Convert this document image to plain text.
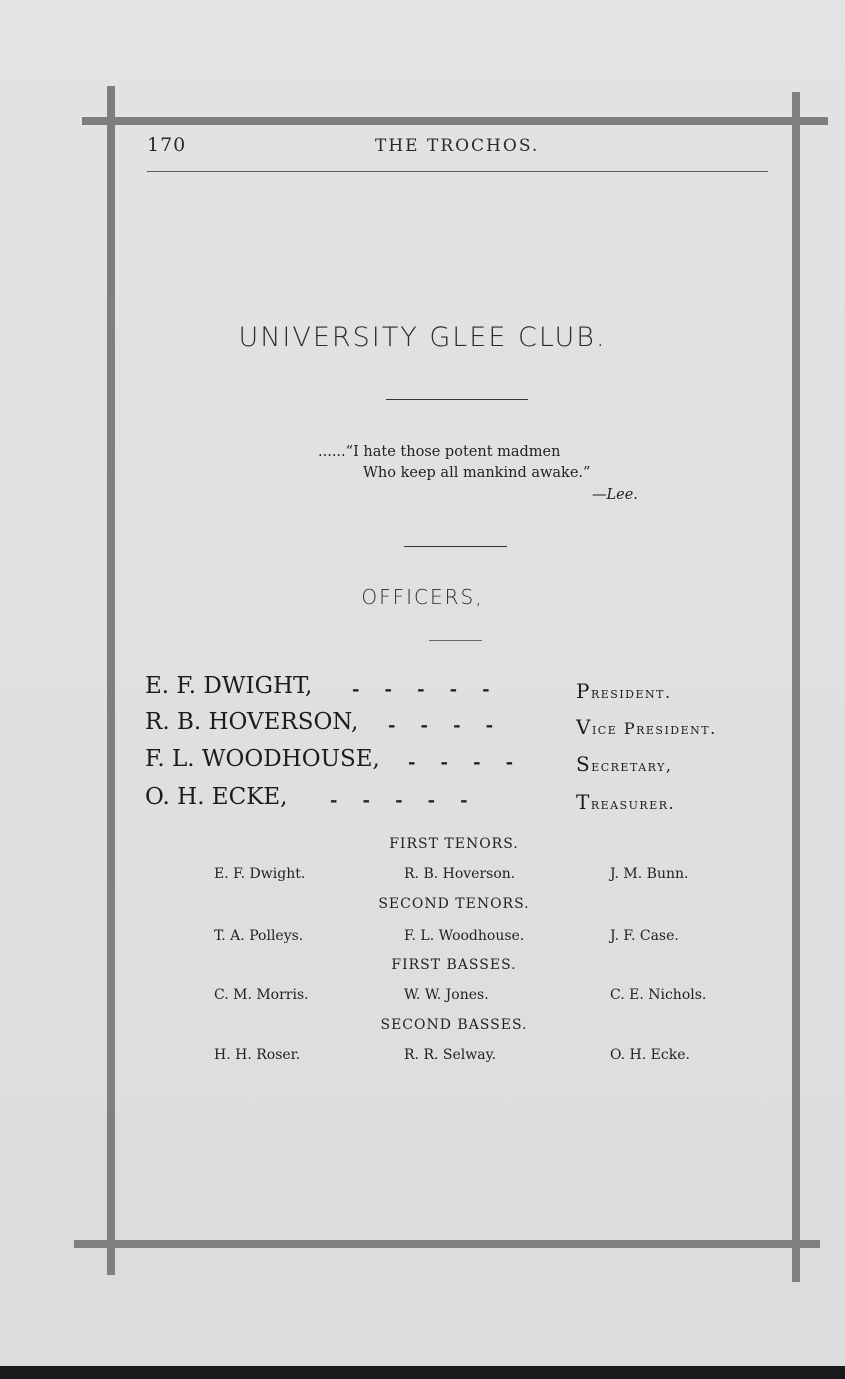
170	THE TROCHOS.
UNIVERSITY GLEE CLUB.
......“I hate those potent madmen
Who keep all mankind awake.”
—Lee.
OFFICERS,
E. F. DWIGHT, -    -    -    -    -	President.
R. B. HOVERSON, -    -    -    -	Vice President.
F. L. WOODHOUSE, -    -    -    -	Secretary,
O. H. ECKE, -    -    -    -    -	Treasurer.
FIRST TENORS.
E. F. Dwight.	R. B. Hoverson.	J. M. Bunn.
SECOND TENORS.
T. A. Polleys.	F. L. Woodhouse.	J. F. Case.
FIRST BASSES.
C. M. Morris.	W. W. Jones.	C. E. Nichols.
SECOND BASSES.
H. H. Roser.	R. R. Selway.	O. H. Ecke.
